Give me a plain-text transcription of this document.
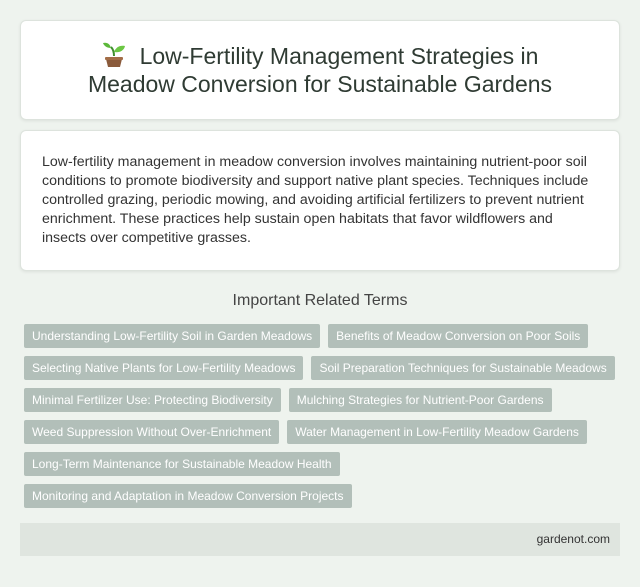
Low-Fertility Management Strategies in Meadow Conversion for Sustainable Gardens

Low-fertility management in meadow conversion involves maintaining nutrient-poor soil conditions to promote biodiversity and support native plant species. Techniques include controlled grazing, periodic mowing, and avoiding artificial fertilizers to prevent nutrient enrichment. These practices help sustain open habitats that favor wildflowers and insects over competitive grasses.

Important Related Terms
Understanding Low-Fertility Soil in Garden Meadows	Benefits of Meadow Conversion on Poor Soils
Selecting Native Plants for Low-Fertility Meadows	Soil Preparation Techniques for Sustainable Meadows
Minimal Fertilizer Use: Protecting Biodiversity	Mulching Strategies for Nutrient-Poor Gardens
Weed Suppression Without Over-Enrichment	Water Management in Low-Fertility Meadow Gardens
Long-Term Maintenance for Sustainable Meadow Health
Monitoring and Adaptation in Meadow Conversion Projects
gardenot.com
